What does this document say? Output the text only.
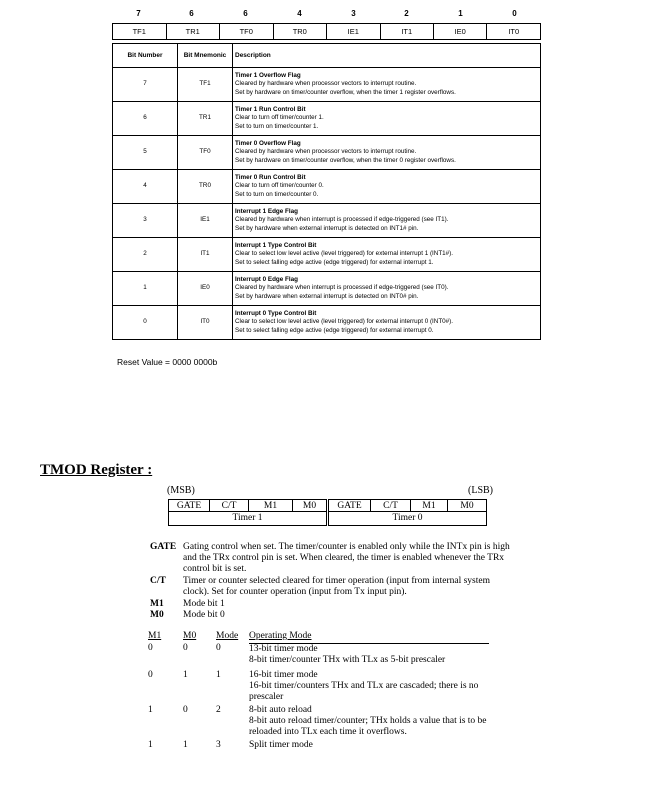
7	6	6	4	3	2	1	0
TF1	TR1	TF0	TR0	IE1	IT1	IE0	IT0
Bit Number	Bit Mnemonic	Description
7	TF1	Timer 1 Overflow Flag
Cleared by hardware when processor vectors to interrupt routine.
Set by hardware on timer/counter overflow, when the timer 1 register overflows.

6	TR1	Timer 1 Run Control Bit
Clear to turn off timer/counter 1.
Set to turn on timer/counter 1.

5	TF0	Timer 0 Overflow Flag
Cleared by hardware when processor vectors to interrupt routine.
Set by hardware on timer/counter overflow, when the timer 0 register overflows.

4	TR0	Timer 0 Run Control Bit
Clear to turn off timer/counter 0.
Set to turn on timer/counter 0.

3	IE1	Interrupt 1 Edge Flag
Cleared by hardware when interrupt is processed if edge-triggered (see IT1).
Set by hardware when external interrupt is detected on INT1# pin.

2	IT1	Interrupt 1 Type Control Bit
Clear to select low level active (level triggered) for external interrupt 1 (INT1#).
Set to select falling edge active (edge triggered) for external interrupt 1.

1	IE0	Interrupt 0 Edge Flag
Cleared by hardware when interrupt is processed if edge-triggered (see IT0).
Set by hardware when external interrupt is detected on INT0# pin.

0	IT0	Interrupt 0 Type Control Bit
Clear to select low level active (level triggered) for external interrupt 0 (INT0#).
Set to select falling edge active (edge triggered) for external interrupt 0.
Reset Value = 0000 0000b
TMOD Register :
(MSB)	(LSB)
GATE	C/T	M1	M0	GATE	C/T	M1	M0
Timer 1	Timer 0
GATE Gating control when set. The timer/counter is enabled only while the INTx pin is high and the TRx control pin is set. When cleared, the timer is enabled whenever the TRx control bit is set.
C/T Timer or counter selected cleared for timer operation (input from internal system clock). Set for counter operation (input from Tx input pin).
M1 Mode bit 1
M0 Mode bit 0
M1	M0	Mode	Operating Mode
0	0	0	13-bit timer mode
8-bit timer/counter THx with TLx as 5-bit prescaler

0	1	1	16-bit timer mode
16-bit timer/counters THx and TLx are cascaded; there is no prescaler

1	0	2	8-bit auto reload
8-bit auto reload timer/counter; THx holds a value that is to be reloaded into TLx each time it overflows.

1	1	3	Split timer mode
